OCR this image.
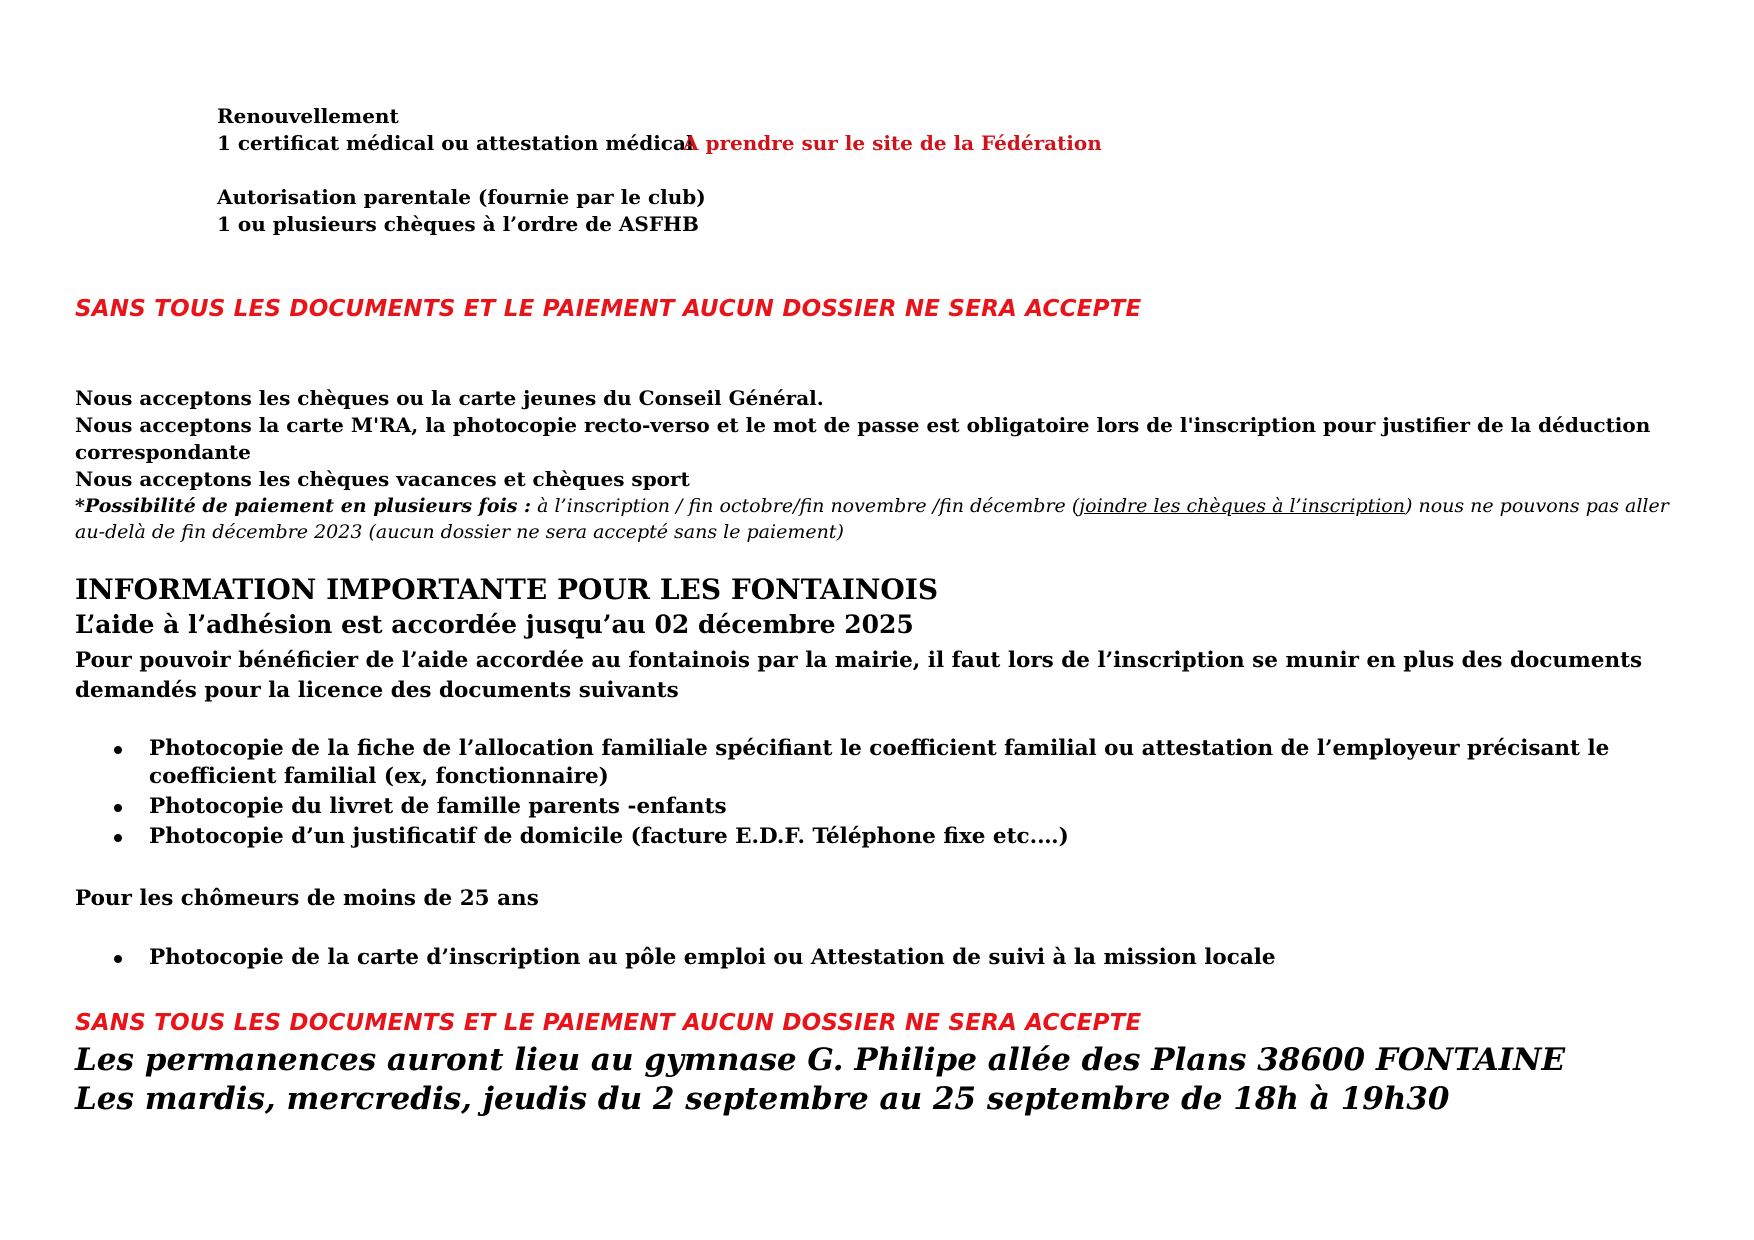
Renouvellement
1 certificat médical ou attestation médical
A prendre sur le site de la Fédération
Autorisation parentale (fournie par le club)
1 ou plusieurs chèques à l’ordre de ASFHB
SANS TOUS LES DOCUMENTS ET LE PAIEMENT AUCUN DOSSIER NE SERA ACCEPTE
Nous acceptons les chèques ou la carte jeunes du Conseil Général.
Nous acceptons la carte M'RA, la photocopie recto-verso et le mot de passe est obligatoire lors de l'inscription pour justifier de la déduction
correspondante
Nous acceptons les chèques vacances et chèques sport
*Possibilité de paiement en plusieurs fois : à l’inscription / fin octobre/fin novembre /fin décembre (joindre les chèques à l’inscription) nous ne pouvons pas aller au-delà de fin décembre 2023 (aucun dossier ne sera accepté sans le paiement)
INFORMATION IMPORTANTE POUR LES FONTAINOIS
L’aide à l’adhésion est accordée jusqu’au 02 décembre 2025
Pour pouvoir bénéficier de l’aide accordée au fontainois par la mairie, il faut lors de l’inscription se munir en plus des documents demandés pour la licence des documents suivants
Photocopie de la fiche de l’allocation familiale spécifiant le coefficient familial ou attestation de l’employeur précisant le coefficient familial (ex, fonctionnaire)
Photocopie du livret de famille parents -enfants
Photocopie d’un justificatif de domicile (facture E.D.F. Téléphone fixe etc.…)
Pour les chômeurs de moins de 25 ans
Photocopie de la carte d’inscription au pôle emploi ou Attestation de suivi à la mission locale
SANS TOUS LES DOCUMENTS ET LE PAIEMENT AUCUN DOSSIER NE SERA ACCEPTE
Les permanences auront lieu au gymnase G. Philipe allée des Plans 38600 FONTAINE
Les mardis, mercredis, jeudis du 2 septembre au 25 septembre de 18h à 19h30
